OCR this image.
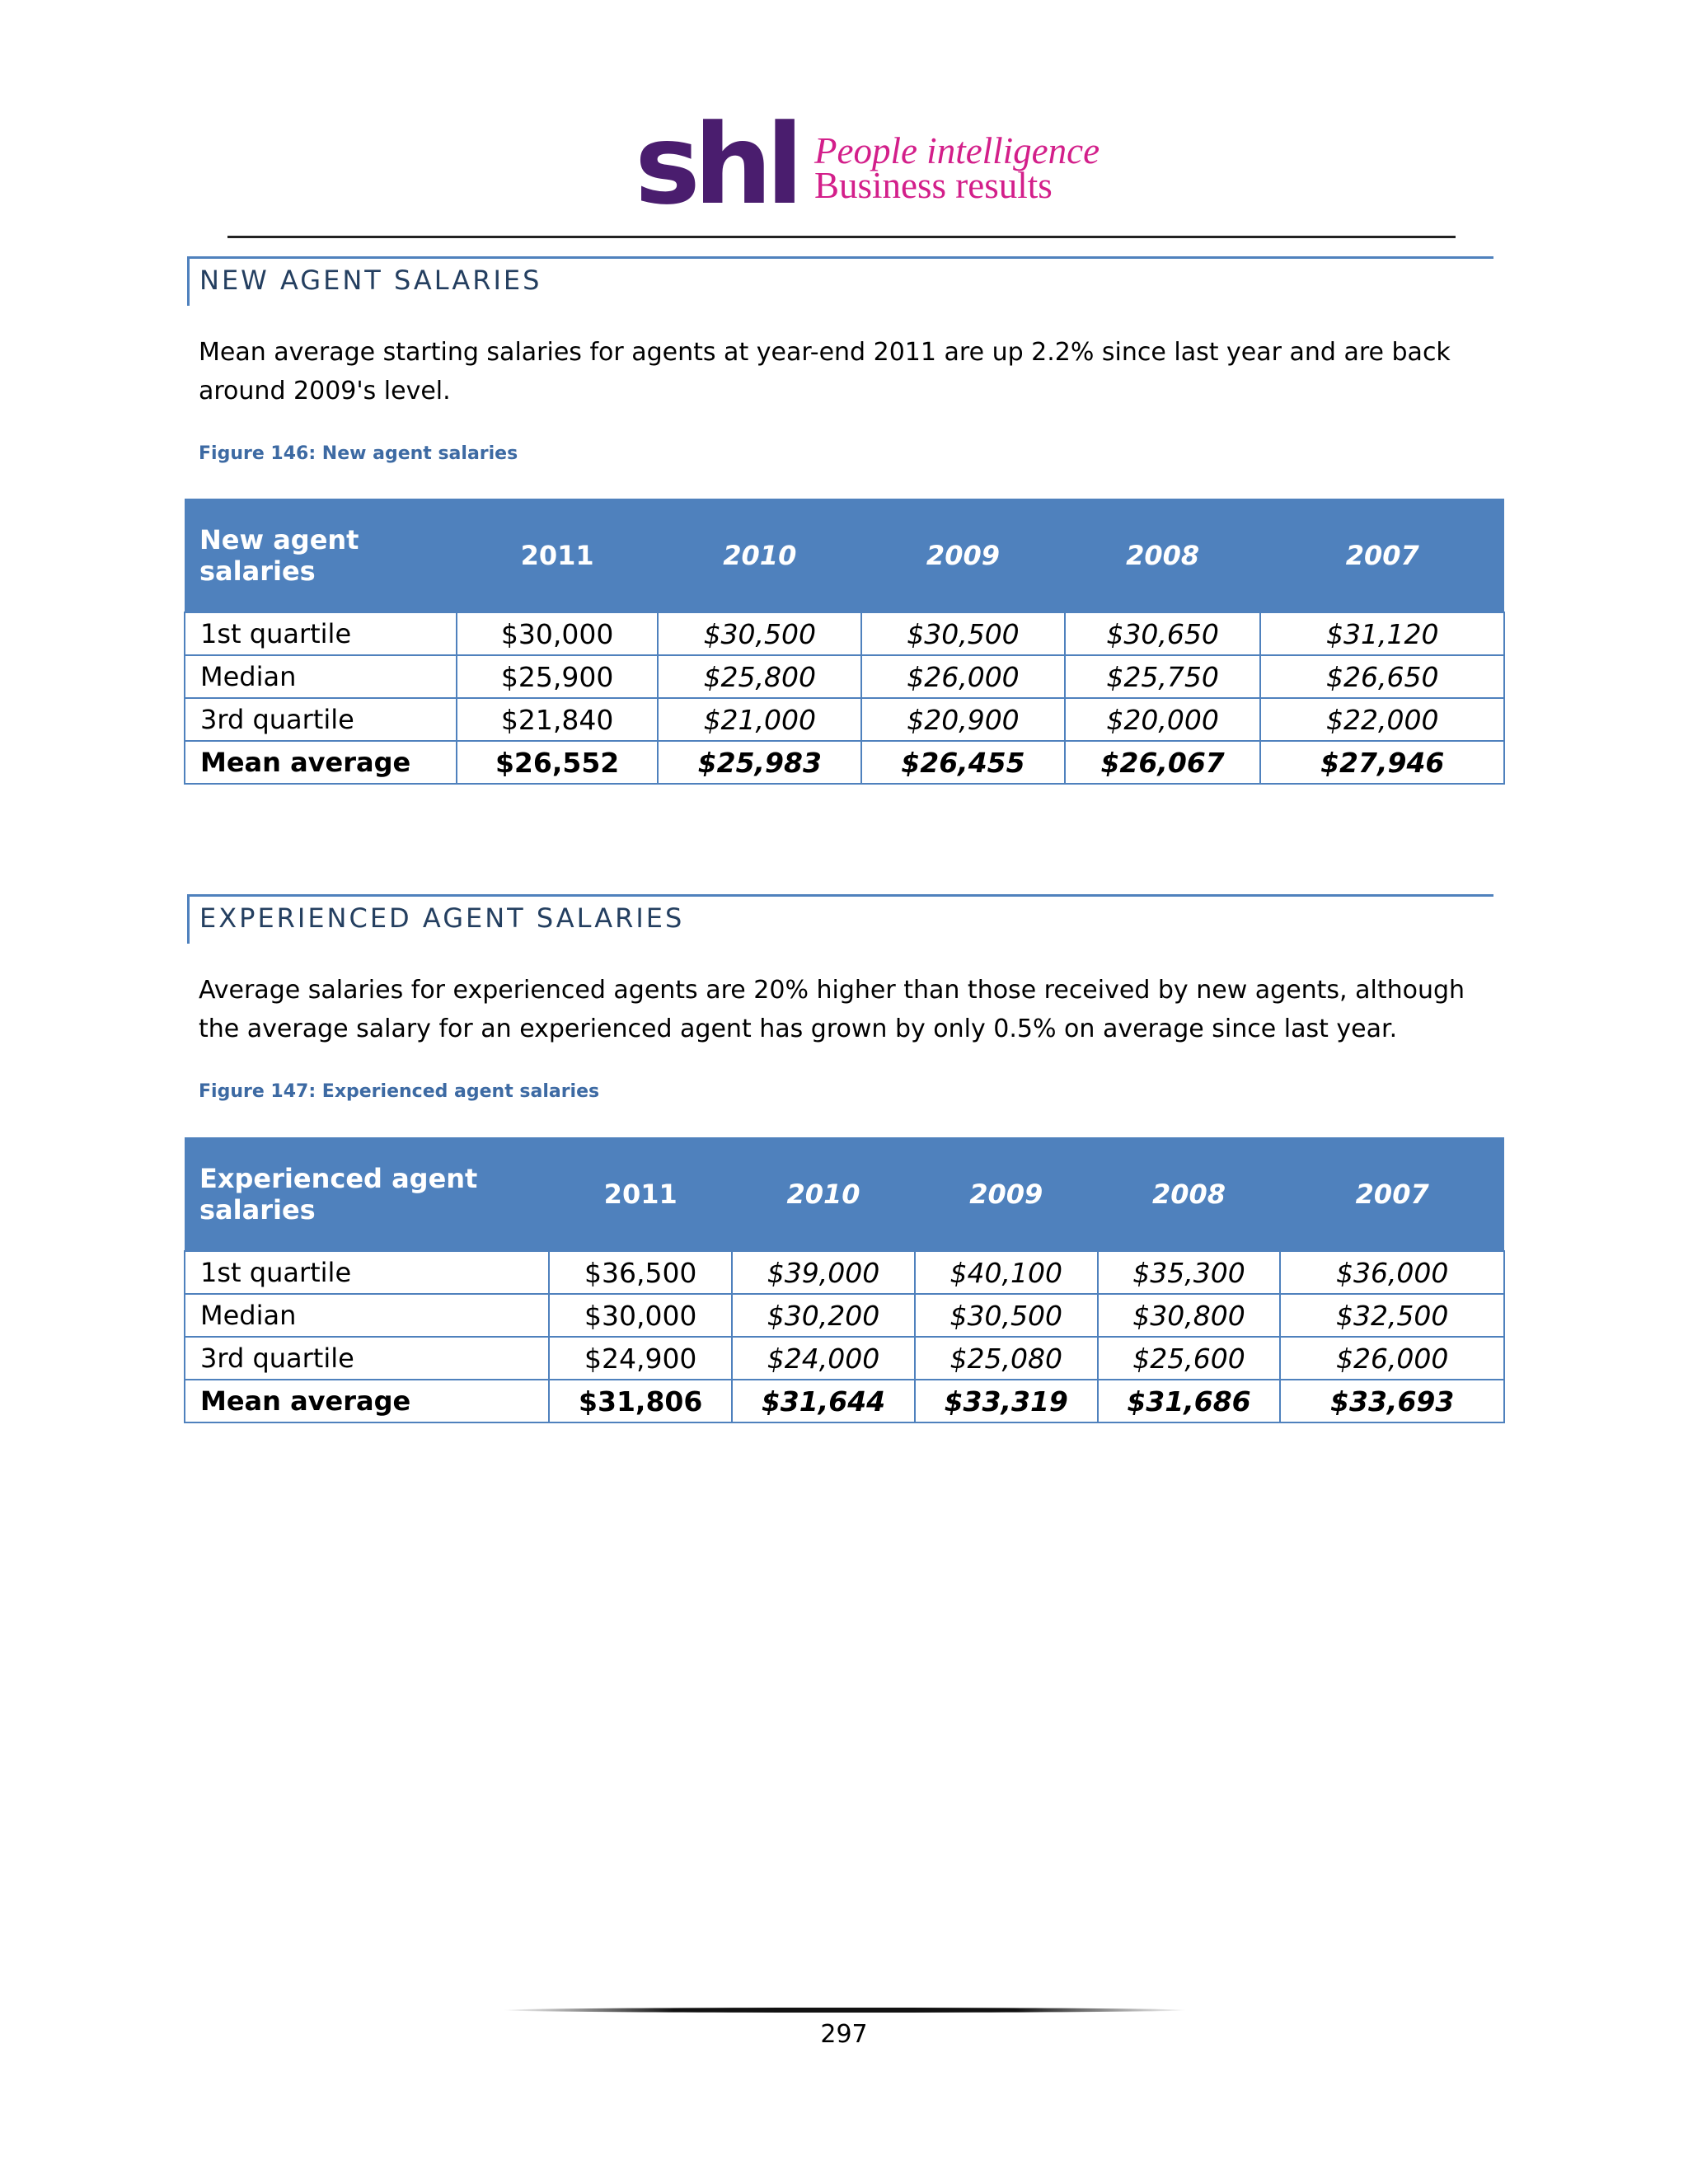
shl People intelligence
Business results
NEW AGENT SALARIES
Mean average starting salaries for agents at year-end 2011 are up 2.2% since last year and are back around 2009's level.
Figure 146: New agent salaries
New agent salaries	2011	2010	2009	2008	2007
1st quartile	$30,000	$30,500	$30,500	$30,650	$31,120
Median	$25,900	$25,800	$26,000	$25,750	$26,650
3rd quartile	$21,840	$21,000	$20,900	$20,000	$22,000
Mean average	$26,552	$25,983	$26,455	$26,067	$27,946
EXPERIENCED AGENT SALARIES
Average salaries for experienced agents are 20% higher than those received by new agents, although the average salary for an experienced agent has grown by only 0.5% on average since last year.
Figure 147: Experienced agent salaries
Experienced agent salaries	2011	2010	2009	2008	2007
1st quartile	$36,500	$39,000	$40,100	$35,300	$36,000
Median	$30,000	$30,200	$30,500	$30,800	$32,500
3rd quartile	$24,900	$24,000	$25,080	$25,600	$26,000
Mean average	$31,806	$31,644	$33,319	$31,686	$33,693
297
